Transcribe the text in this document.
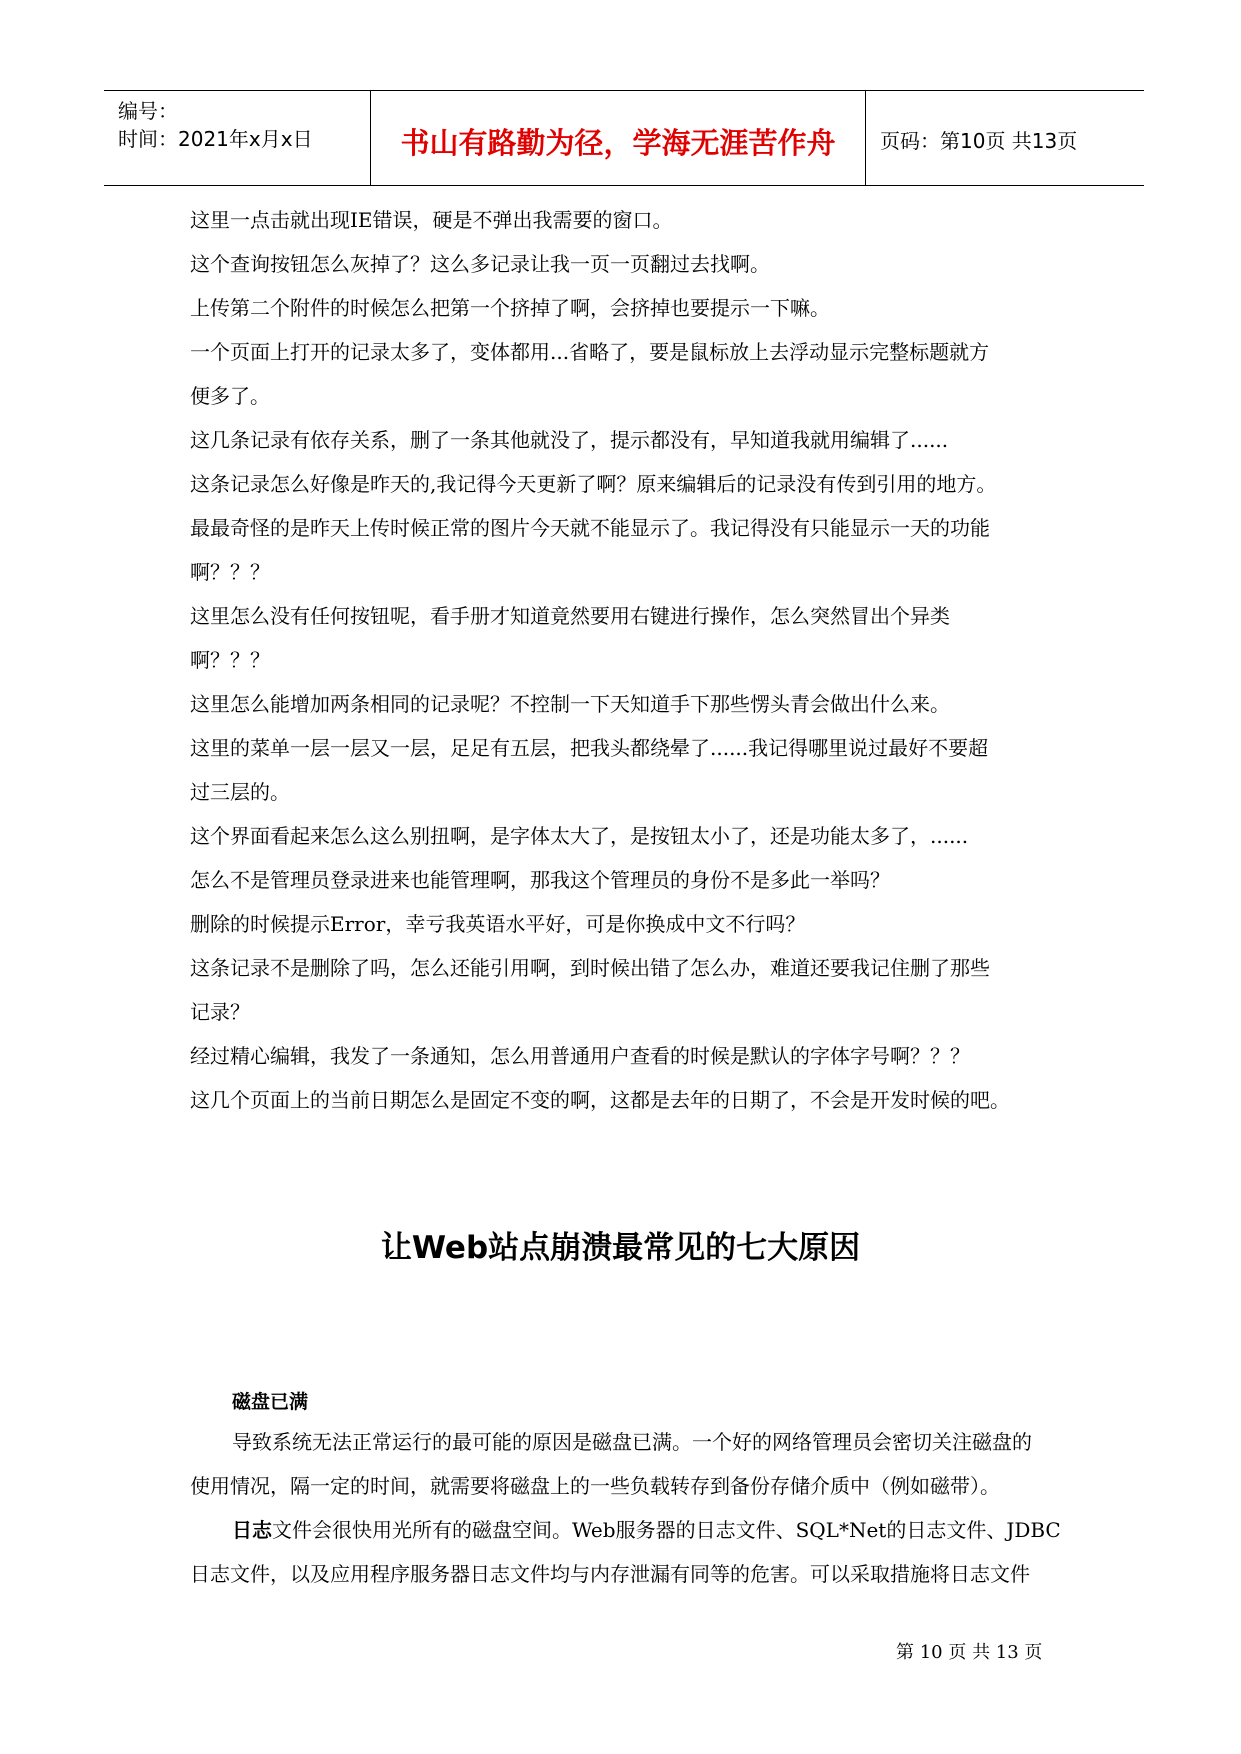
编号：
时间：2021年x月x日	书山有路勤为径，学海无涯苦作舟	页码：第10页 共13页

这里一点击就出现IE错误，硬是不弹出我需要的窗口。

这个查询按钮怎么灰掉了？这么多记录让我一页一页翻过去找啊。

上传第二个附件的时候怎么把第一个挤掉了啊，会挤掉也要提示一下嘛。

一个页面上打开的记录太多了，变体都用...省略了，要是鼠标放上去浮动显示完整标题就方

便多了。

这几条记录有依存关系，删了一条其他就没了，提示都没有，早知道我就用编辑了......

这条记录怎么好像是昨天的,我记得今天更新了啊？原来编辑后的记录没有传到引用的地方。

最最奇怪的是昨天上传时候正常的图片今天就不能显示了。我记得没有只能显示一天的功能

啊？？？

这里怎么没有任何按钮呢，看手册才知道竟然要用右键进行操作，怎么突然冒出个异类

啊？？？

这里怎么能增加两条相同的记录呢？不控制一下天知道手下那些愣头青会做出什么来。

这里的菜单一层一层又一层，足足有五层，把我头都绕晕了......我记得哪里说过最好不要超

过三层的。

这个界面看起来怎么这么别扭啊，是字体太大了，是按钮太小了，还是功能太多了，......

怎么不是管理员登录进来也能管理啊，那我这个管理员的身份不是多此一举吗？

删除的时候提示Error，幸亏我英语水平好，可是你换成中文不行吗？

这条记录不是删除了吗，怎么还能引用啊，到时候出错了怎么办，难道还要我记住删了那些

记录？

经过精心编辑，我发了一条通知，怎么用普通用户查看的时候是默认的字体字号啊？？？

这几个页面上的当前日期怎么是固定不变的啊，这都是去年的日期了，不会是开发时候的吧。

让Web站点崩溃最常见的七大原因
磁盘已满

导致系统无法正常运行的最可能的原因是磁盘已满。一个好的网络管理员会密切关注磁盘的

使用情况，隔一定的时间，就需要将磁盘上的一些负载转存到备份存储介质中（例如磁带）。

日志文件会很快用光所有的磁盘空间。Web服务器的日志文件、SQL*Net的日志文件、JDBC

日志文件，以及应用程序服务器日志文件均与内存泄漏有同等的危害。可以采取措施将日志文件

第 10 页 共 13 页
